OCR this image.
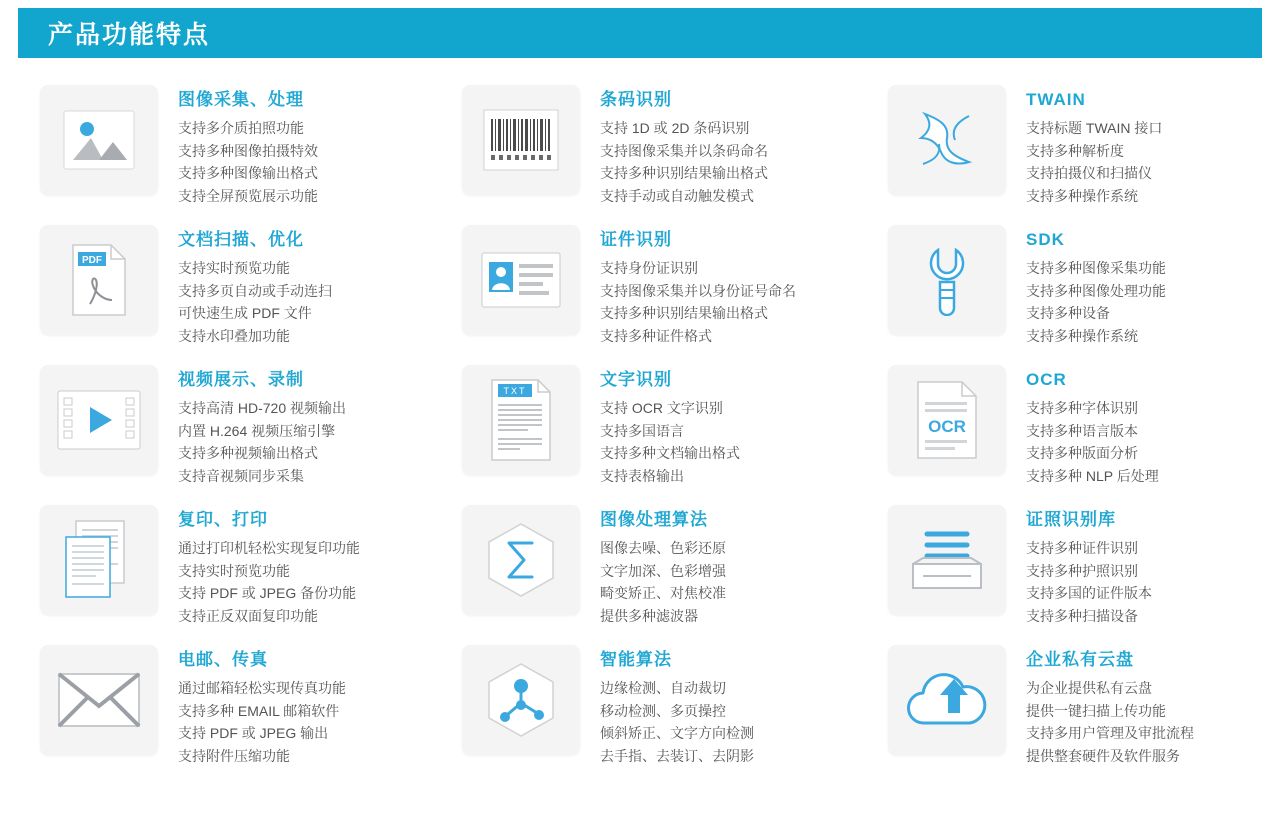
产品功能特点
图像采集、处理
支持多介质拍照功能
支持多种图像拍摄特效
支持多种图像输出格式
支持全屏预览展示功能
条码识别
支持 1D 或 2D 条码识别
支持图像采集并以条码命名
支持多种识别结果输出格式
支持手动或自动触发模式
TWAIN
支持标题 TWAIN 接口
支持多种解析度
支持拍摄仪和扫描仪
支持多种操作系统
PDF
文档扫描、优化
支持实时预览功能
支持多页自动或手动连扫
可快速生成 PDF 文件
支持水印叠加功能
证件识别
支持身份证识别
支持图像采集并以身份证号命名
支持多种识别结果输出格式
支持多种证件格式
SDK
支持多种图像采集功能
支持多种图像处理功能
支持多种设备
支持多种操作系统
视频展示、录制
支持高清 HD-720 视频输出
内置 H.264 视频压缩引擎
支持多种视频输出格式
支持音视频同步采集
TXT
文字识别
支持 OCR 文字识别
支持多国语言
支持多种文档输出格式
支持表格输出
OCR
OCR
支持多种字体识别
支持多种语言版本
支持多种版面分析
支持多种 NLP 后处理
复印、打印
通过打印机轻松实现复印功能
支持实时预览功能
支持 PDF 或 JPEG 备份功能
支持正反双面复印功能
图像处理算法
图像去噪、色彩还原
文字加深、色彩增强
畸变矫正、对焦校准
提供多种滤波器
证照识别库
支持多种证件识别
支持多种护照识别
支持多国的证件版本
支持多种扫描设备
电邮、传真
通过邮箱轻松实现传真功能
支持多种 EMAIL 邮箱软件
支持 PDF 或 JPEG 输出
支持附件压缩功能
智能算法
边缘检测、自动裁切
移动检测、多页操控
倾斜矫正、文字方向检测
去手指、去装订、去阴影
企业私有云盘
为企业提供私有云盘
提供一键扫描上传功能
支持多用户管理及审批流程
提供整套硬件及软件服务
